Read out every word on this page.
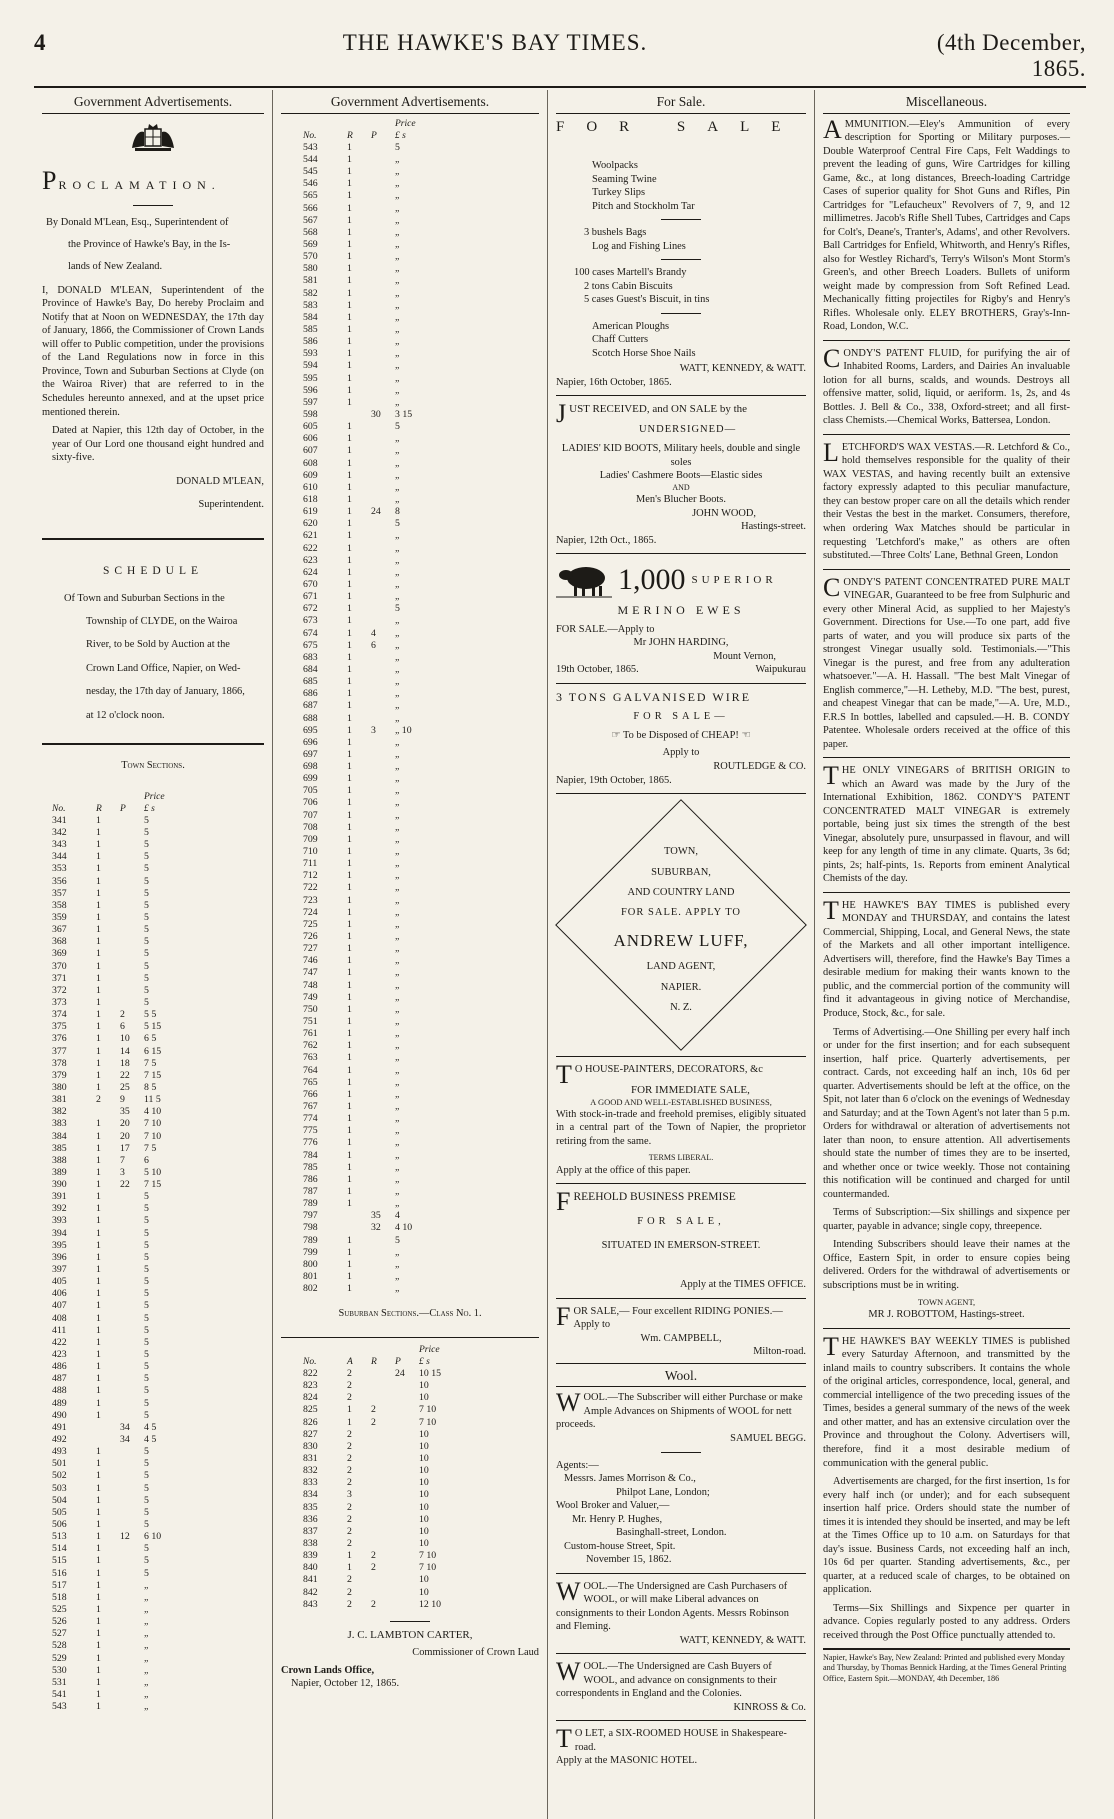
4	THE HAWKE'S BAY TIMES.	(4th December, 1865.
Government Advertisements.
PROCLAMATION.
By Donald M'Lean, Esq., Superintendent of
the Province of Hawke's Bay, in the Is-
lands of New Zealand.

I, DONALD M'LEAN, Superintendent of the Province of Hawke's Bay, Do hereby Proclaim and Notify that at Noon on WEDNESDAY, the 17th day of January, 1866, the Commissioner of Crown Lands will offer to Public competition, under the provisions of the Land Regulations now in force in this Province, Town and Suburban Sections at Clyde (on the Wairoa River) that are referred to in the Schedules hereunto annexed, and at the upset price mentioned therein.

Dated at Napier, this 12th day of October, in the year of Our Lord one thousand eight hundred and sixty-five.

DONALD M'LEAN,
Superintendent.
SCHEDULE
Of Town and Suburban Sections in the
Township of CLYDE, on the Wairoa
River, to be Sold by Auction at the
Crown Land Office, Napier, on Wed-
nesday, the 17th day of January, 1866,
at 12 o'clock noon.
Town Sections.
			Price
No.	R	P	£ s
341	1		5
342	1		5
343	1		5
344	1		5
353	1		5
356	1		5
357	1		5
358	1		5
359	1		5
367	1		5
368	1		5
369	1		5
370	1		5
371	1		5
372	1		5
373	1		5
374	1	2	5 5
375	1	6	5 15
376	1	10	6 5
377	1	14	6 15
378	1	18	7 5
379	1	22	7 15
380	1	25	8 5
381	2	9	11 5
382		35	4 10
383	1	20	7 10
384	1	20	7 10
385	1	17	7 5
388	1	7	6
389	1	3	5 10
390	1	22	7 15
391	1		5
392	1		5
393	1		5
394	1		5
395	1		5
396	1		5
397	1		5
405	1		5
406	1		5
407	1		5
408	1		5
411	1		5
422	1		5
423	1		5
486	1		5
487	1		5
488	1		5
489	1		5
490	1		5
491		34	4 5
492		34	4 5
493	1		5
501	1		5
502	1		5
503	1		5
504	1		5
505	1		5
506	1		5
513	1	12	6 10
514	1		5
515	1		5
516	1		5
517	1		„
518	1		„
525	1		„
526	1		„
527	1		„
528	1		„
529	1		„
530	1		„
531	1		„
541	1		„
543	1		„
Government Advertisements.
			Price
No.	R	P	£ s
543	1		5
544	1		„
545	1		„
546	1		„
565	1		„
566	1		„
567	1		„
568	1		„
569	1		„
570	1		„
580	1		„
581	1		„
582	1		„
583	1		„
584	1		„
585	1		„
586	1		„
593	1		„
594	1		„
595	1		„
596	1		„
597	1		„
598		30	3 15
605	1		5
606	1		„
607	1		„
608	1		„
609	1		„
610	1		„
618	1		„
619	1	24	8
620	1		5
621	1		„
622	1		„
623	1		„
624	1		„
670	1		„
671	1		„
672	1		5
673	1		„
674	1	4	„
675	1	6	„
683	1		„
684	1		„
685	1		„
686	1		„
687	1		„
688	1		„
695	1	3	„ 10
696	1		„
697	1		„
698	1		„
699	1		„
705	1		„
706	1		„
707	1		„
708	1		„
709	1		„
710	1		„
711	1		„
712	1		„
722	1		„
723	1		„
724	1		„
725	1		„
726	1		„
727	1		„
746	1		„
747	1		„
748	1		„
749	1		„
750	1		„
751	1		„
761	1		„
762	1		„
763	1		„
764	1		„
765	1		„
766	1		„
767	1		„
774	1		„
775	1		„
776	1		„
784	1		„
785	1		„
786	1		„
787	1		„
789	1		„
797		35	4
798		32	4 10
789	1		5
799	1		„
800	1		„
801	1		„
802	1		„
Suburban Sections.—Class No. 1.
				Price
No.	A	R	P	£ s
822	2		24	10 15
823	2			10
824	2			10
825	1	2		7 10
826	1	2		7 10
827	2			10
830	2			10
831	2			10
832	2			10
833	2			10
834	3			10
835	2			10
836	2			10
837	2			10
838	2			10
839	1	2		7 10
840	1	2		7 10
841	2			10
842	2			10
843	2	2		12 10
J. C. LAMBTON CARTER,
Commissioner of Crown Laud
Crown Lands Office,
Napier, October 12, 1865.
For Sale.
FOR SALE
Woolpacks
Seaming Twine
Turkey Slips
Pitch and Stockholm Tar
3 bushels Bags
Log and Fishing Lines
100 cases Martell's Brandy
2 tons Cabin Biscuits
5 cases Guest's Biscuit, in tins
American Ploughs
Chaff Cutters
Scotch Horse Shoe Nails
WATT, KENNEDY, & WATT.
Napier, 16th October, 1865.
JUST RECEIVED, and ON SALE by the
UNDERSIGNED—
LADIES' KID BOOTS, Military heels, double and single soles
Ladies' Cashmere Boots—Elastic sides
AND
Men's Blucher Boots.
JOHN WOOD,
Hastings-street.
Napier, 12th Oct., 1865.
1,000 SUPERIOR
MERINO EWES
FOR SALE.—Apply to
Mr JOHN HARDING,
Mount Vernon,
19th October, 1865.	Waipukurau
3 TONS GALVANISED WIRE
FOR SALE—
☞ To be Disposed of CHEAP! ☜
Apply to
ROUTLEDGE & CO.
Napier, 19th October, 1865.
TOWN,
SUBURBAN,
AND COUNTRY LAND
FOR SALE. APPLY TO
ANDREW LUFF,
LAND AGENT,
NAPIER.
N. Z.
T O HOUSE-PAINTERS, DECORATORS, &c
FOR IMMEDIATE SALE,
A GOOD AND WELL-ESTABLISHED BUSINESS,
With stock-in-trade and freehold premises, eligibly situated in a central part of the Town of Napier, the proprietor retiring from the same.
TERMS LIBERAL.
Apply at the office of this paper.
FREEHOLD BUSINESS PREMISE
FOR SALE,
SITUATED IN EMERSON-STREET.
Apply at the TIMES OFFICE.
FOR SALE,— Four excellent RIDING PONIES.—Apply to
Wm. CAMPBELL,
Milton-road.
Wool.
WOOL.—The Subscriber will either Purchase or make Ample Advances on Shipments of WOOL for nett proceeds.
SAMUEL BEGG.
Agents:—
Messrs. James Morrison & Co.,
Philpot Lane, London;
Wool Broker and Valuer,—
Mr. Henry P. Hughes,
Basinghall-street, London.
Custom-house Street, Spit.
November 15, 1862.
WOOL.—The Undersigned are Cash Purchasers of WOOL, or will make Liberal advances on consignments to their London Agents. Messrs Robinson and Fleming.
WATT, KENNEDY, & WATT.
WOOL.—The Undersigned are Cash Buyers of WOOL, and advance on consignments to their correspondents in England and the Colonies.
KINROSS & Co.
T O LET, a SIX-ROOMED HOUSE in Shakespeare-road.
Apply at the MASONIC HOTEL.
Miscellaneous.
AMMUNITION.—Eley's Ammunition of every description for Sporting or Military purposes.—Double Waterproof Central Fire Caps, Felt Waddings to prevent the leading of guns, Wire Cartridges for killing Game, &c., at long distances, Breech-loading Cartridge Cases of superior quality for Shot Guns and Rifles, Pin Cartridges for "Lefaucheux" Revolvers of 7, 9, and 12 millimetres. Jacob's Rifle Shell Tubes, Cartridges and Caps for Colt's, Deane's, Tranter's, Adams', and other Revolvers. Ball Cartridges for Enfield, Whitworth, and Henry's Rifles, also for Westley Richard's, Terry's Wilson's Mont Storm's Green's, and other Breech Loaders. Bullets of uniform weight made by compression from Soft Refined Lead. Mechanically fitting projectiles for Rigby's and Henry's Rifles. Wholesale only. ELEY BROTHERS, Gray's-Inn-Road, London, W.C.
CONDY'S PATENT FLUID, for purifying the air of Inhabited Rooms, Larders, and Dairies An invaluable lotion for all burns, scalds, and wounds. Destroys all offensive matter, solid, liquid, or aeriform. 1s, 2s, and 4s Bottles. J. Bell & Co., 338, Oxford-street; and all first-class Chemists.—Chemical Works, Battersea, London.
LETCHFORD'S WAX VESTAS.—R. Letchford & Co., hold themselves responsible for the quality of their WAX VESTAS, and having recently built an extensive factory expressly adapted to this peculiar manufacture, they can bestow proper care on all the details which render their Vestas the best in the market. Consumers, therefore, when ordering Wax Matches should be particular in requesting 'Letchford's make," as others are often substituted.—Three Colts' Lane, Bethnal Green, London
CONDY'S PATENT CONCENTRATED PURE MALT VINEGAR, Guaranteed to be free from Sulphuric and every other Mineral Acid, as supplied to her Majesty's Government. Directions for Use.—To one part, add five parts of water, and you will produce six parts of the strongest Vinegar usually sold. Testimonials.—"This Vinegar is the purest, and free from any adulteration whatsoever."—A. H. Hassall. "The best Malt Vinegar of English commerce,"—H. Letheby, M.D. "The best, purest, and cheapest Vinegar that can be made,"—A. Ure, M.D., F.R.S In bottles, labelled and capsuled.—H. B. CONDY Patentee. Wholesale orders received at the office of this paper.
THE ONLY VINEGARS of BRITISH ORIGIN to which an Award was made by the Jury of the International Exhibition, 1862. CONDY'S PATENT CONCENTRATED MALT VINEGAR is extremely portable, being just six times the strength of the best Vinegar, absolutely pure, unsurpassed in flavour, and will keep for any length of time in any climate. Quarts, 3s 6d; pints, 2s; half-pints, 1s. Reports from eminent Analytical Chemists of the day.
THE HAWKE'S BAY TIMES is published every MONDAY and THURSDAY, and contains the latest Commercial, Shipping, Local, and General News, the state of the Markets and all other important intelligence. Advertisers will, therefore, find the Hawke's Bay Times a desirable medium for making their wants known to the public, and the commercial portion of the community will find it advantageous in giving notice of Merchandise, Produce, Stock, &c., for sale.
Terms of Advertising.—One Shilling per every half inch or under for the first insertion; and for each subsequent insertion, half price. Quarterly advertisements, per contract. Cards, not exceeding half an inch, 10s 6d per quarter. Advertisements should be left at the office, on the Spit, not later than 6 o'clock on the evenings of Wednesday and Saturday; and at the Town Agent's not later than 5 p.m. Orders for withdrawal or alteration of advertisements not later than noon, to ensure attention. All advertisements should state the number of times they are to be inserted, and whether once or twice weekly. Those not containing this notification will be continued and charged for until countermanded.
Terms of Subscription:—Six shillings and sixpence per quarter, payable in advance; single copy, threepence.
Intending Subscribers should leave their names at the Office, Eastern Spit, in order to ensure copies being delivered. Orders for the withdrawal of advertisements or subscriptions must be in writing.
TOWN AGENT,
MR J. ROBOTTOM, Hastings-street.
THE HAWKE'S BAY WEEKLY TIMES is published every Saturday Afternoon, and transmitted by the inland mails to country subscribers. It contains the whole of the original articles, correspondence, local, general, and commercial intelligence of the two preceding issues of the Times, besides a general summary of the news of the week and other matter, and has an extensive circulation over the Province and throughout the Colony. Advertisers will, therefore, find it a most desirable medium of communication with the general public.
Advertisements are charged, for the first insertion, 1s for every half inch (or under); and for each subsequent insertion half price. Orders should state the number of times it is intended they should be inserted, and may be left at the Times Office up to 10 a.m. on Saturdays for that day's issue. Business Cards, not exceeding half an inch, 10s 6d per quarter. Standing advertisements, &c., per quarter, at a reduced scale of charges, to be obtained on application.
Terms—Six Shillings and Sixpence per quarter in advance. Copies regularly posted to any address. Orders received through the Post Office punctually attended to.
Napier, Hawke's Bay, New Zealand: Printed and published every Monday and Thursday, by Thomas Bennick Harding, at the Times General Printing Office, Eastern Spit.—MONDAY, 4th December, 186
